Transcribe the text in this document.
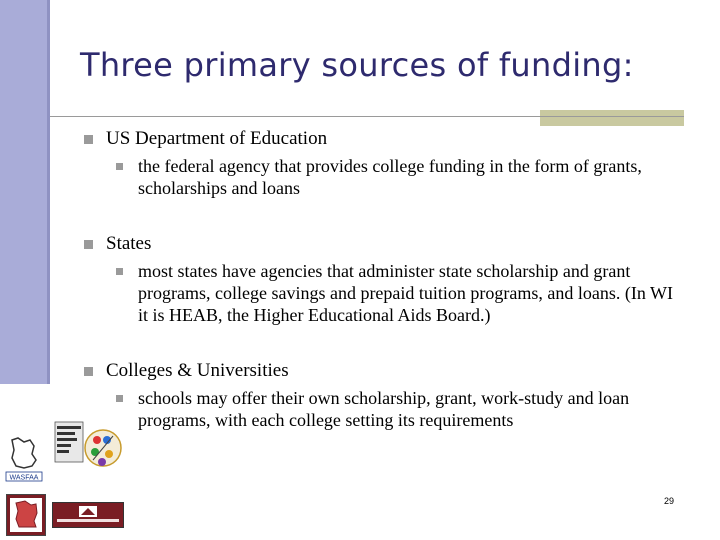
Three primary sources of funding:
US Department of Education
the federal agency that provides college funding in the form of grants, scholarships and loans
States
most states have agencies that administer state scholarship and grant programs, college savings and prepaid tuition programs, and loans. (In WI it is HEAB, the Higher Educational Aids Board.)
Colleges & Universities
schools may offer their own scholarship, grant, work-study and loan programs, with each college setting its requirements
WASFAA
29
